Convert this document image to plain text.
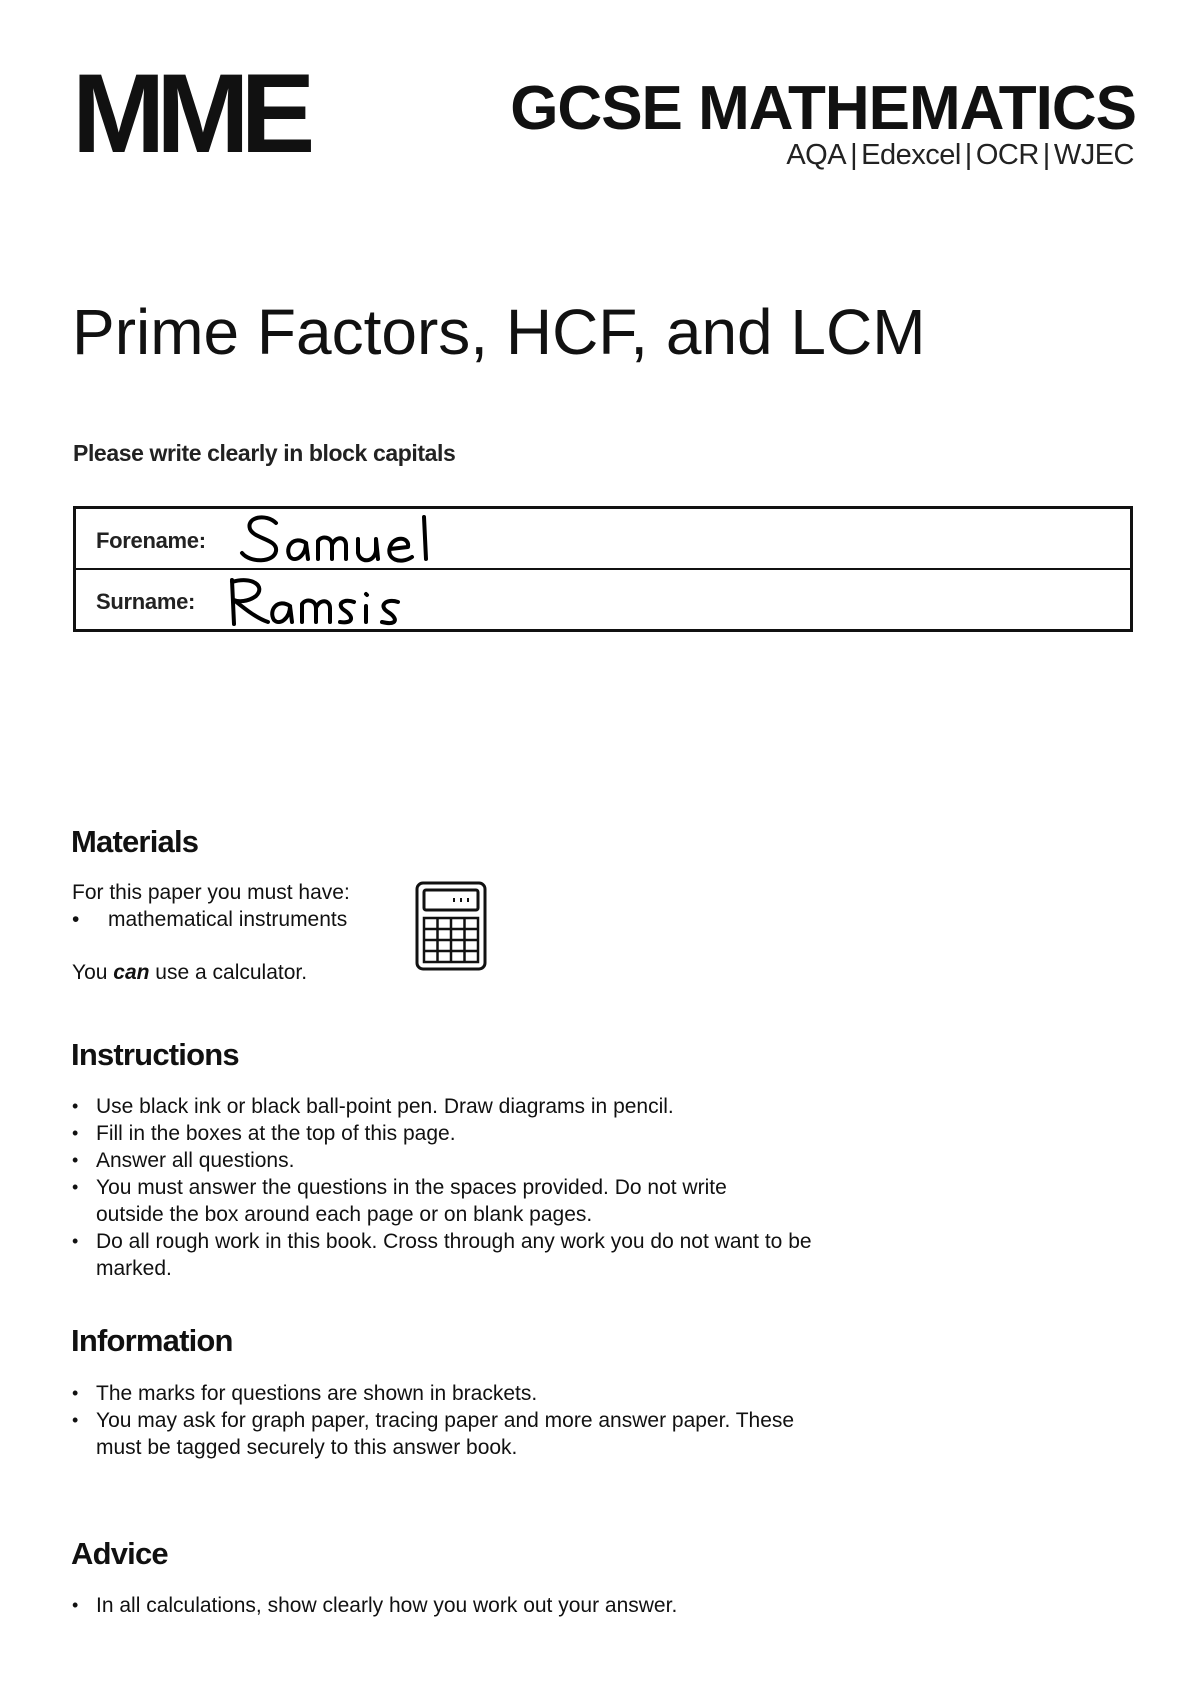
MME	GCSE MATHEMATICS
AQA | Edexcel | OCR | WJEC
Prime Factors, HCF, and LCM
Please write clearly in block capitals
Forename:
Surname:
Materials
For this paper you must have:
• mathematical instruments
You can use a calculator.
Instructions
• Use black ink or black ball-point pen. Draw diagrams in pencil.
• Fill in the boxes at the top of this page.
• Answer all questions.
• You must answer the questions in the spaces provided. Do not write outside the box around each page or on blank pages.
• Do all rough work in this book. Cross through any work you do not want to be marked.
Information
• The marks for questions are shown in brackets.
• You may ask for graph paper, tracing paper and more answer paper. These must be tagged securely to this answer book.
Advice
• In all calculations, show clearly how you work out your answer.
